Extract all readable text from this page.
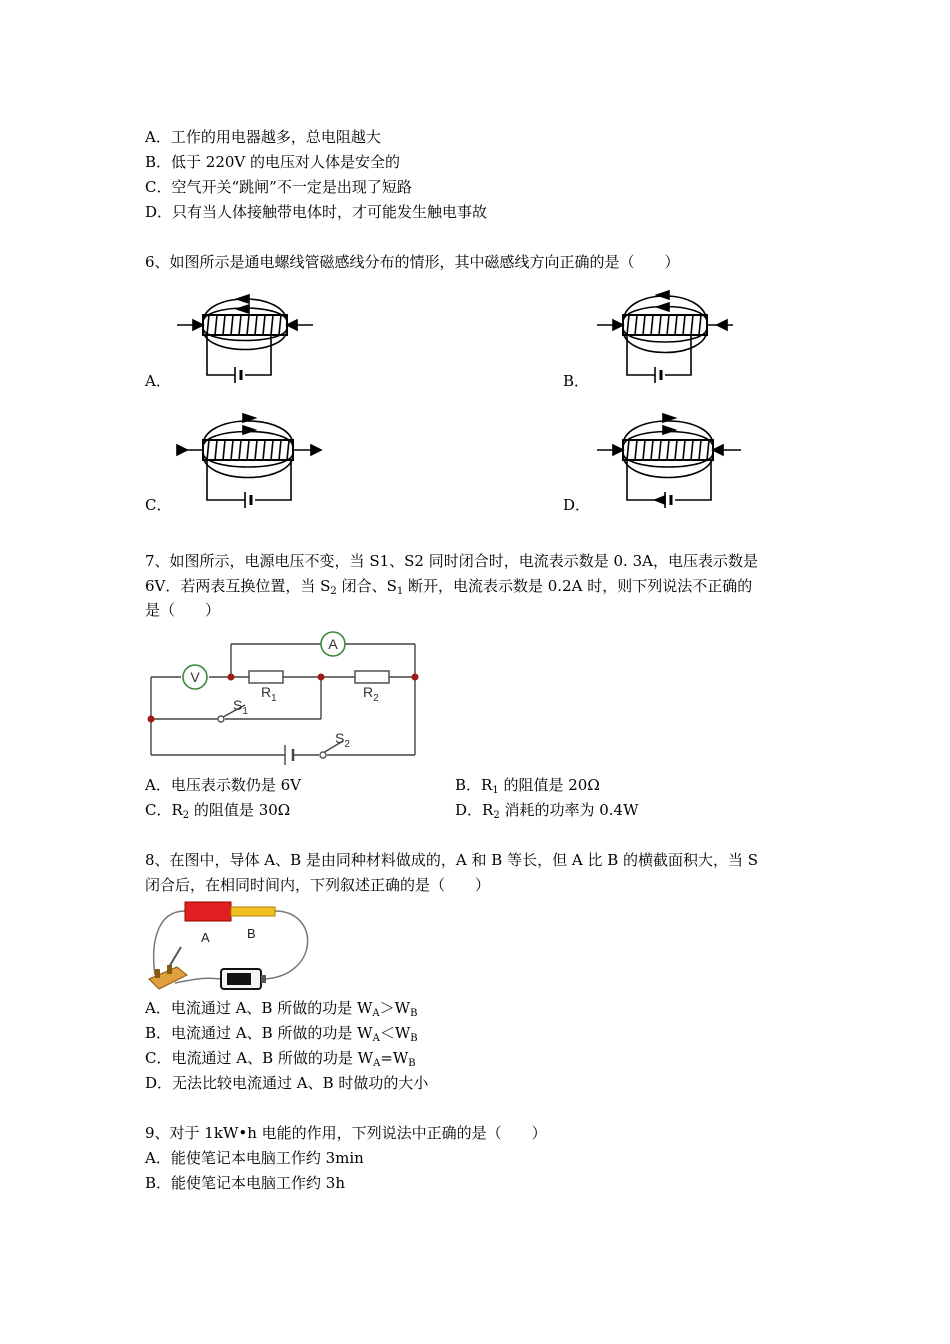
A．工作的用电器越多，总电阻越大
B．低于 220V 的电压对人体是安全的
C．空气开关“跳闸”不一定是出现了短路
D．只有当人体接触带电体时，才可能发生触电事故
6、如图所示是通电螺线管磁感线分布的情形，其中磁感线方向正确的是（　　）
A．	B．
C．	D．
7、如图所示，电源电压不变，当 S1、S2 同时闭合时，电流表示数是 0. 3A，电压表示数是
6V．若两表互换位置，当 $S_2$ 闭合、$S_1$ 断开，电流表示数是 0.2A 时，则下列说法不正确的
是（　　）
A
V
$R_1$	$R_2$
$S_1$
$S_2$
A．电压表示数仍是 6V	B．$R_1$ 的阻值是 20Ω
C．$R_2$ 的阻值是 30Ω	D．$R_2$ 消耗的功率为 0.4W
8、在图中，导体 A、B 是由同种材料做成的，A 和 B 等长，但 A 比 B 的横截面积大，当 S
闭合后，在相同时间内，下列叙述正确的是（　　）
A	B
A．电流通过 A、B 所做的功是 $W_A>W_B$
B．电流通过 A、B 所做的功是 $W_A<W_B$
C．电流通过 A、B 所做的功是 $W_A=W_B$
D．无法比较电流通过 A、B 时做功的大小
9、对于 1kW•h 电能的作用，下列说法中正确的是（　　）
A．能使笔记本电脑工作约 3min
B．能使笔记本电脑工作约 3h
